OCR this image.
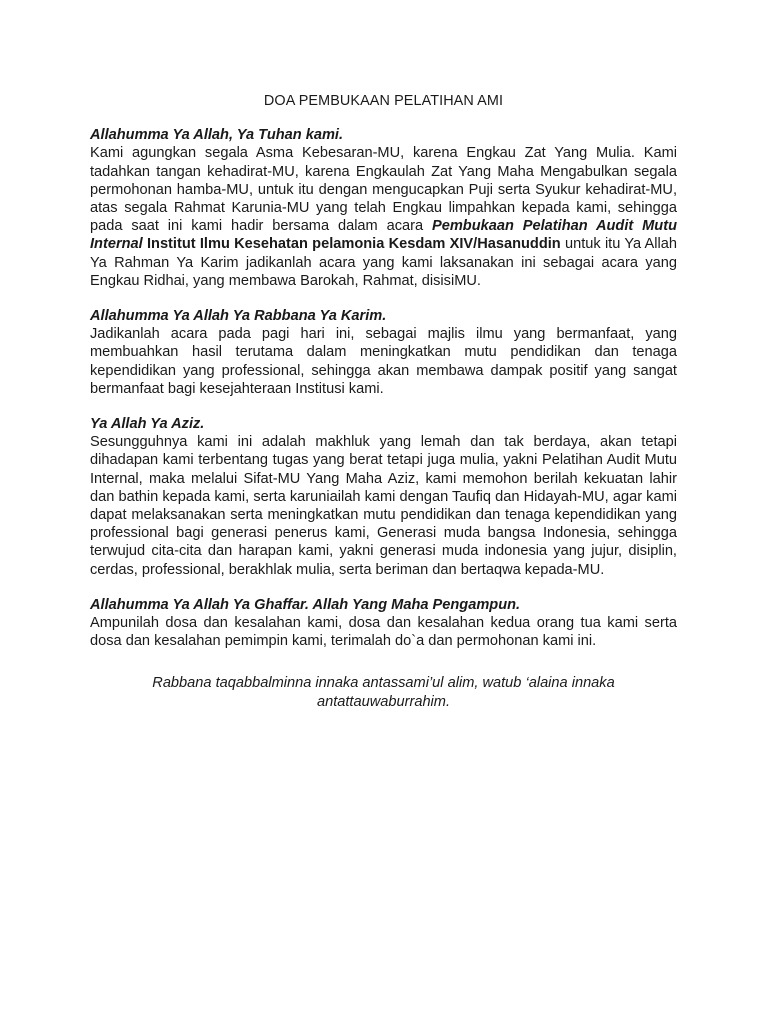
DOA PEMBUKAAN PELATIHAN AMI

Allahumma Ya Allah, Ya Tuhan kami.

Kami agungkan segala Asma Kebesaran-MU, karena Engkau Zat Yang Mulia. Kami tadahkan tangan kehadirat-MU, karena Engkaulah Zat Yang Maha Mengabulkan segala permohonan hamba-MU, untuk itu dengan mengucapkan Puji serta Syukur kehadirat-MU, atas segala Rahmat Karunia-MU yang telah Engkau limpahkan kepada kami, sehingga pada saat ini kami hadir bersama dalam acara Pembukaan Pelatihan Audit Mutu Internal Institut Ilmu Kesehatan pelamonia Kesdam XIV/Hasanuddin untuk itu Ya Allah Ya Rahman Ya Karim jadikanlah acara yang kami laksanakan ini sebagai acara yang Engkau Ridhai, yang membawa Barokah, Rahmat, disisiMU.

Allahumma Ya Allah Ya Rabbana Ya Karim.

Jadikanlah acara pada pagi hari ini, sebagai majlis ilmu yang bermanfaat, yang membuahkan hasil terutama dalam meningkatkan mutu pendidikan dan tenaga kependidikan yang professional, sehingga akan membawa dampak positif yang sangat bermanfaat bagi kesejahteraan Institusi kami.

Ya Allah Ya Aziz.

Sesungguhnya kami ini adalah makhluk yang lemah dan tak berdaya, akan tetapi dihadapan kami terbentang tugas yang berat tetapi juga mulia, yakni Pelatihan Audit Mutu Internal, maka melalui Sifat-MU Yang Maha Aziz, kami memohon berilah kekuatan lahir dan bathin kepada kami, serta karuniailah kami dengan Taufiq dan Hidayah-MU, agar kami dapat melaksanakan serta meningkatkan mutu pendidikan dan tenaga kependidikan yang professional bagi generasi penerus kami, Generasi muda bangsa Indonesia, sehingga terwujud cita-cita dan harapan kami, yakni generasi muda indonesia yang jujur, disiplin, cerdas, professional, berakhlak mulia, serta beriman dan bertaqwa kepada-MU.

Allahumma Ya Allah Ya Ghaffar. Allah Yang Maha Pengampun.

Ampunilah dosa dan kesalahan kami, dosa dan kesalahan kedua orang tua kami serta dosa dan kesalahan pemimpin kami, terimalah do`a dan permohonan kami ini.

Rabbana taqabbalminna innaka antassami’ul alim, watub ‘alaina innaka antattauwaburrahim.
